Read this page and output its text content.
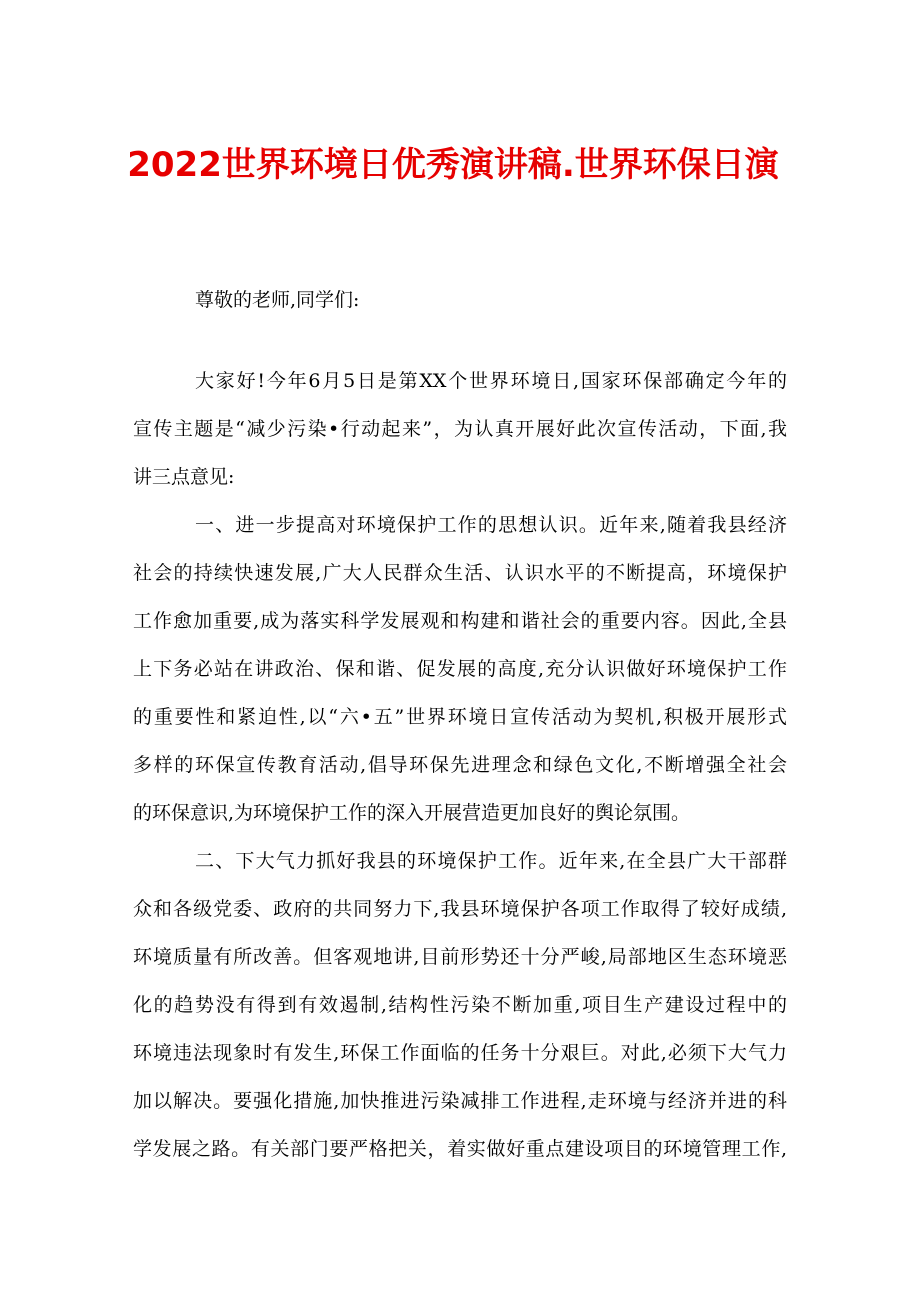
2022世界环境日优秀演讲稿.世界环保日演
尊敬的老师,同学们:
大家好!今年6月5日是第XX个世界环境日,国家环保部确定今年的
宣传主题是“减少污染•行动起来”，为认真开展好此次宣传活动，下面,我
讲三点意见:
一、进一步提高对环境保护工作的思想认识。近年来,随着我县经济
社会的持续快速发展,广大人民群众生活、认识水平的不断提高，环境保护
工作愈加重要,成为落实科学发展观和构建和谐社会的重要内容。因此,全县
上下务必站在讲政治、保和谐、促发展的高度,充分认识做好环境保护工作
的重要性和紧迫性,以“六•五”世界环境日宣传活动为契机,积极开展形式
多样的环保宣传教育活动,倡导环保先进理念和绿色文化,不断增强全社会
的环保意识,为环境保护工作的深入开展营造更加良好的舆论氛围。
二、下大气力抓好我县的环境保护工作。近年来,在全县广大干部群
众和各级党委、政府的共同努力下,我县环境保护各项工作取得了较好成绩,
环境质量有所改善。但客观地讲,目前形势还十分严峻,局部地区生态环境恶
化的趋势没有得到有效遏制,结构性污染不断加重,项目生产建设过程中的
环境违法现象时有发生,环保工作面临的任务十分艰巨。对此,必须下大气力
加以解决。要强化措施,加快推进污染减排工作进程,走环境与经济并进的科
学发展之路。有关部门要严格把关，着实做好重点建设项目的环境管理工作,
